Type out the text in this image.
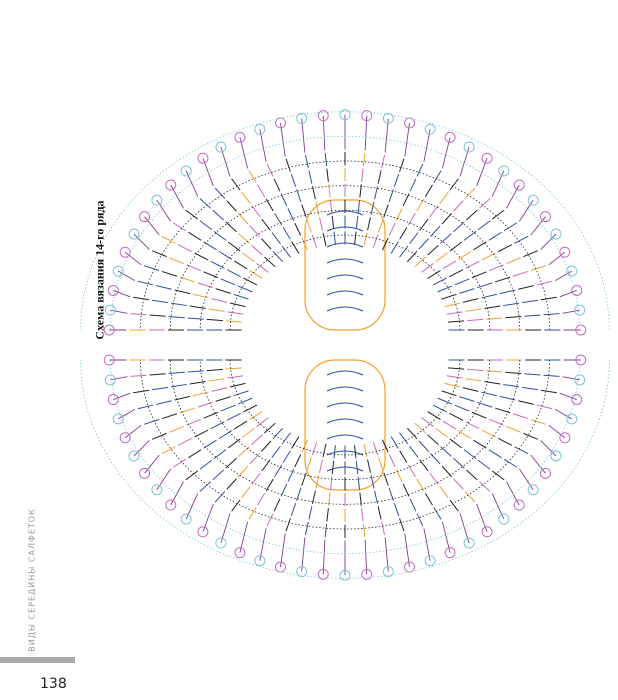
Схема вязания 14-го ряда
ВИДЫ СЕРЕДИНЫ САЛФЕТОК
138
